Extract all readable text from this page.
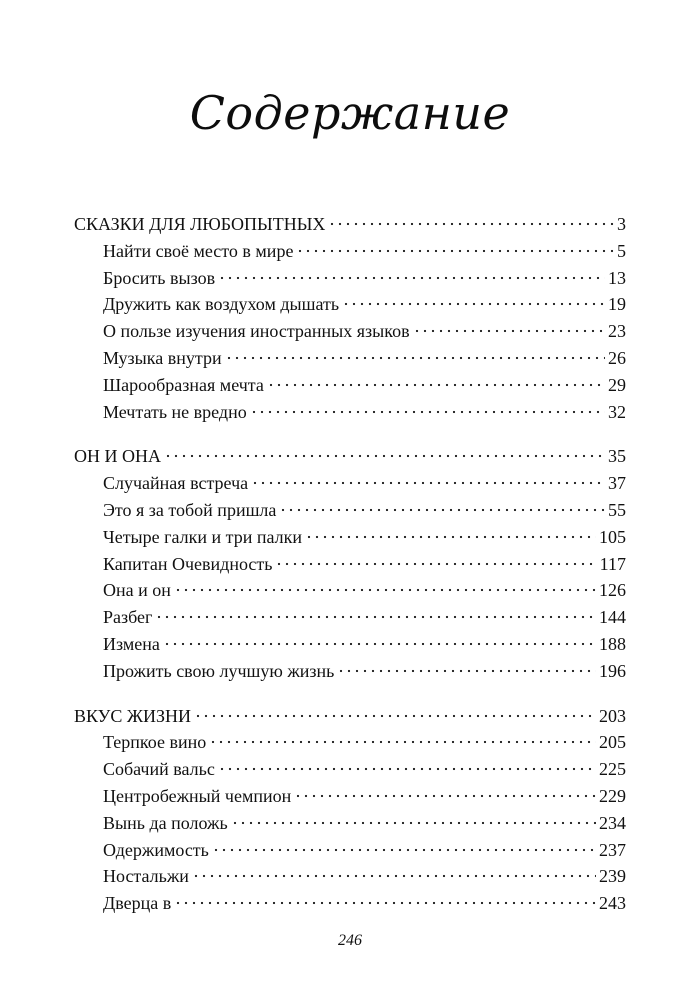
Содержание
СКАЗКИ ДЛЯ ЛЮБОПЫТНЫХ	3
Найти своё место в мире	5
Бросить вызов	13
Дружить как воздухом дышать	19
О пользе изучения иностранных языков	23
Музыка внутри	26
Шарообразная мечта	29
Мечтать не вредно	32
ОН И ОНА	35
Случайная встреча	37
Это я за тобой пришла	55
Четыре галки и три палки	105
Капитан Очевидность	117
Она и он	126
Разбег	144
Измена	188
Прожить свою лучшую жизнь	196
ВКУС ЖИЗНИ	203
Терпкое вино	205
Собачий вальс	225
Центробежный чемпион	229
Вынь да положь	234
Одержимость	237
Ностальжи	239
Дверца в	243
246
